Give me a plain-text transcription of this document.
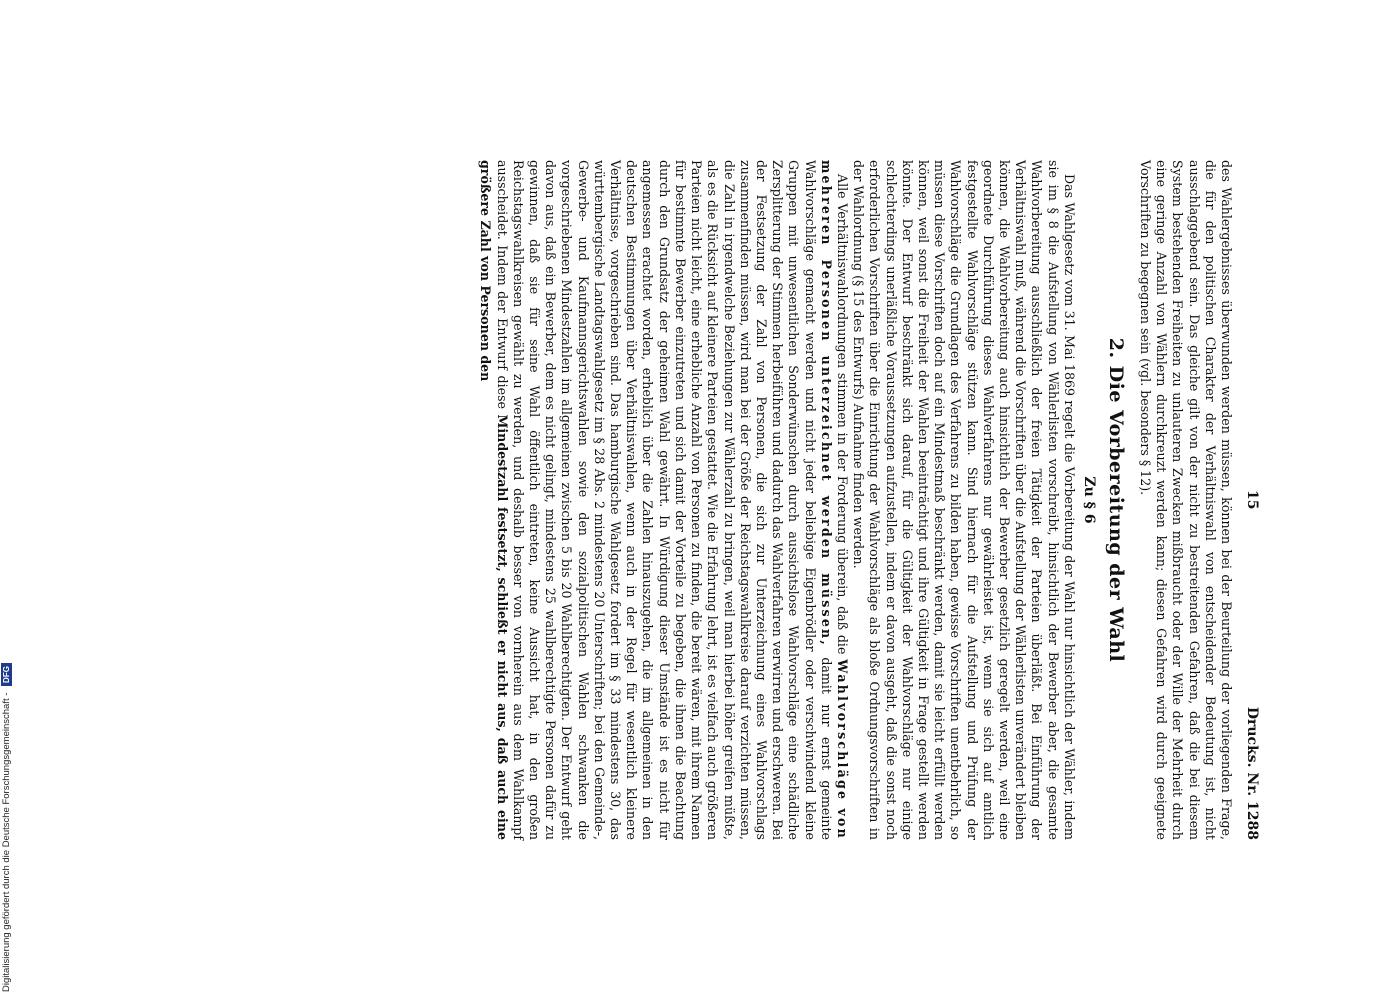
15
Drucks. Nr. 1288

des Wahlergebnisses überwunden werden müssen, können bei der Beurteilung der vorliegenden Frage, die für den politischen Charakter der Verhältniswahl von entscheidender Bedeutung ist, nicht ausschlaggebend sein. Das gleiche gilt von der nicht zu bestreitenden Gefahren, daß die bei diesem System bestehenden Freiheiten zu unlauteren Zwecken mißbraucht oder der Wille der Mehrheit durch eine geringe Anzahl von Wählern durchkreuzt werden kann; diesen Gefahren wird durch geeignete Vorschriften zu begegnen sein (vgl. besonders § 12).

2. Die Vorbereitung der Wahl
Zu § 6

Das Wahlgesetz vom 31. Mai 1869 regelt die Vorbereitung der Wahl nur hinsichtlich der Wähler, indem sie im § 8 die Aufstellung von Wählerlisten vorschreibt, hinsichtlich der Bewerber aber, die gesamte Wahlvorbereitung ausschließlich der freien Tätigkeit der Parteien überläßt. Bei Einführung der Verhältniswahl muß, während die Vorschriften über die Aufstellung der Wählerlisten unverändert bleiben können, die Wahlvorbereitung auch hinsichtlich der Bewerber gesetzlich geregelt werden, weil eine geordnete Durchführung dieses Wahlverfahrens nur gewährleistet ist, wenn sie sich auf amtlich festgestellte Wahlvorschläge stützen kann. Sind hiernach für die Aufstellung und Prüfung der Wahlvorschläge die Grundlagen des Verfahrens zu bilden haben, gewisse Vorschriften unentbehrlich, so müssen diese Vorschriften doch auf ein Mindestmaß beschränkt werden, damit sie leicht erfüllt werden können, weil sonst die Freiheit der Wahlen beeinträchtigt und ihre Gültigkeit in Frage gestellt werden könnte. Der Entwurf beschränkt sich darauf, für die Gültigkeit der Wahlvorschläge nur einige schlechterdings unerläßliche Voraussetzungen aufzustellen, indem er davon ausgeht, daß die sonst noch erforderlichen Vorschriften über die Einrichtung der Wahlvorschläge als bloße Ordnungsvorschriften in der Wahlordnung (§ 15 des Entwurfs) Aufnahme finden werden.

Alle Verhältniswahlordnungen stimmen in der Forderung überein, daß die Wahlvorschläge von mehreren Personen unterzeichnet werden müssen, damit nur ernst gemeinte Wahlvorschläge gemacht werden und nicht jeder beliebige Eigenbrödler oder verschwindend kleine Gruppen mit unwesentlichen Sonderwünschen durch aussichtslose Wahlvorschläge eine schädliche Zersplitterung der Stimmen herbeiführen und dadurch das Wahlverfahren verwirren und erschweren. Bei der Festsetzung der Zahl von Personen, die sich zur Unterzeichnung eines Wahlvorschlags zusammenfinden müssen, wird man bei der Größe der Reichstagswahlkreise darauf verzichten müssen, die Zahl in irgendwelche Beziehungen zur Wählerzahl zu bringen, weil man hierbei höher greifen müßte, als es die Rücksicht auf kleinere Parteien gestattet. Wie die Erfahrung lehrt, ist es vielfach auch größeren Parteien nicht leicht, eine erhebliche Anzahl von Personen zu finden, die bereit wären, mit ihrem Namen für bestimmte Bewerber einzutreten und sich damit der Vorteile zu begeben, die ihnen die Beachtung durch den Grundsatz der geheimen Wahl gewährt. In Würdigung dieser Umstände ist es nicht für angemessen erachtet worden, erheblich über die Zahlen hinauszugehen, die im allgemeinen in den deutschen Bestimmungen über Verhältniswahlen, wenn auch in der Regel für wesentlich kleinere Verhältnisse, vorgeschrieben sind. Das hamburgische Wahlgesetz fordert im § 33 mindestens 30, das württembergische Landtagswahlgesetz im § 28 Abs. 2 mindestens 20 Unterschriften; bei den Gemeinde-, Gewerbe- und Kaufmannsgerichtswahlen sowie den sozialpolitischen Wahlen schwanken die vorgeschriebenen Mindestzahlen im allgemeinen zwischen 5 bis 20 Wahlberechtigten. Der Entwurf geht davon aus, daß ein Bewerber, dem es nicht gelingt, mindestens 25 wahlberechtigte Personen dafür zu gewinnen, daß sie für seine Wahl öffentlich eintreten, keine Aussicht hat, in den großen Reichstagswahlkreisen gewählt zu werden, und deshalb besser von vornherein aus dem Wahlkampf ausscheidet. Indem der Entwurf diese Mindestzahl festsetzt, schließt er nicht aus, daß auch eine größere Zahl von Personen den

Digitalisierung gefördert durch die Deutsche Forschungsgemeinschaft - DFG
